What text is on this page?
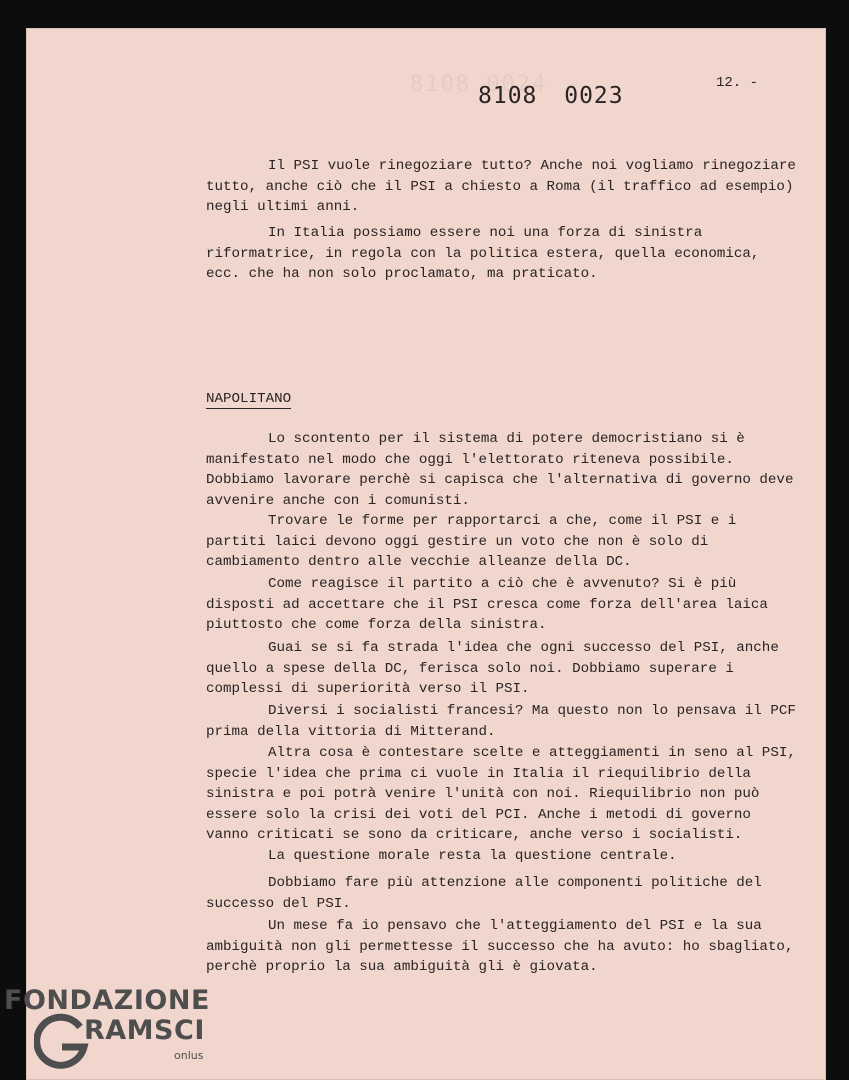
8108 0024	12. -
8108 0023

Il PSI vuole rinegoziare tutto? Anche noi vogliamo rinegoziare tutto, anche ciò che il PSI a chiesto a Roma (il traffico ad esempio) negli ultimi anni.

In Italia possiamo essere noi una forza di sinistra riformatrice, in regola con la politica estera, quella economica, ecc. che ha non solo proclamato, ma praticato.

NAPOLITANO

Lo scontento per il sistema di potere democristiano si è manifestato nel modo che oggi l'elettorato riteneva possibile. Dobbiamo lavorare perchè si capisca che l'alternativa di governo deve avvenire anche con i comunisti.

Trovare le forme per rapportarci a che, come il PSI e i partiti laici devono oggi gestire un voto che non è solo di cambiamento dentro alle vecchie alleanze della DC.

Come reagisce il partito a ciò che è avvenuto? Si è più disposti ad accettare che il PSI cresca come forza dell'area laica piuttosto che come forza della sinistra.

Guai se si fa strada l'idea che ogni successo del PSI, anche quello a spese della DC, ferisca solo noi. Dobbiamo superare i complessi di superiorità verso il PSI.

Diversi i socialisti francesi? Ma questo non lo pensava il PCF prima della vittoria di Mitterand.

Altra cosa è contestare scelte e atteggiamenti in seno al PSI, specie l'idea che prima ci vuole in Italia il riequilibrio della sinistra e poi potrà venire l'unità con noi. Riequilibrio non può essere solo la crisi dei voti del PCI. Anche i metodi di governo vanno criticati se sono da criticare, anche verso i socialisti.

La questione morale resta la questione centrale.

Dobbiamo fare più attenzione alle componenti politiche del successo del PSI.

Un mese fa io pensavo che l'atteggiamento del PSI e la sua ambiguità non gli permettesse il successo che ha avuto: ho sbagliato, perchè proprio la sua ambiguità gli è giovata.

FONDAZIONE
RAMSCI
onlus
